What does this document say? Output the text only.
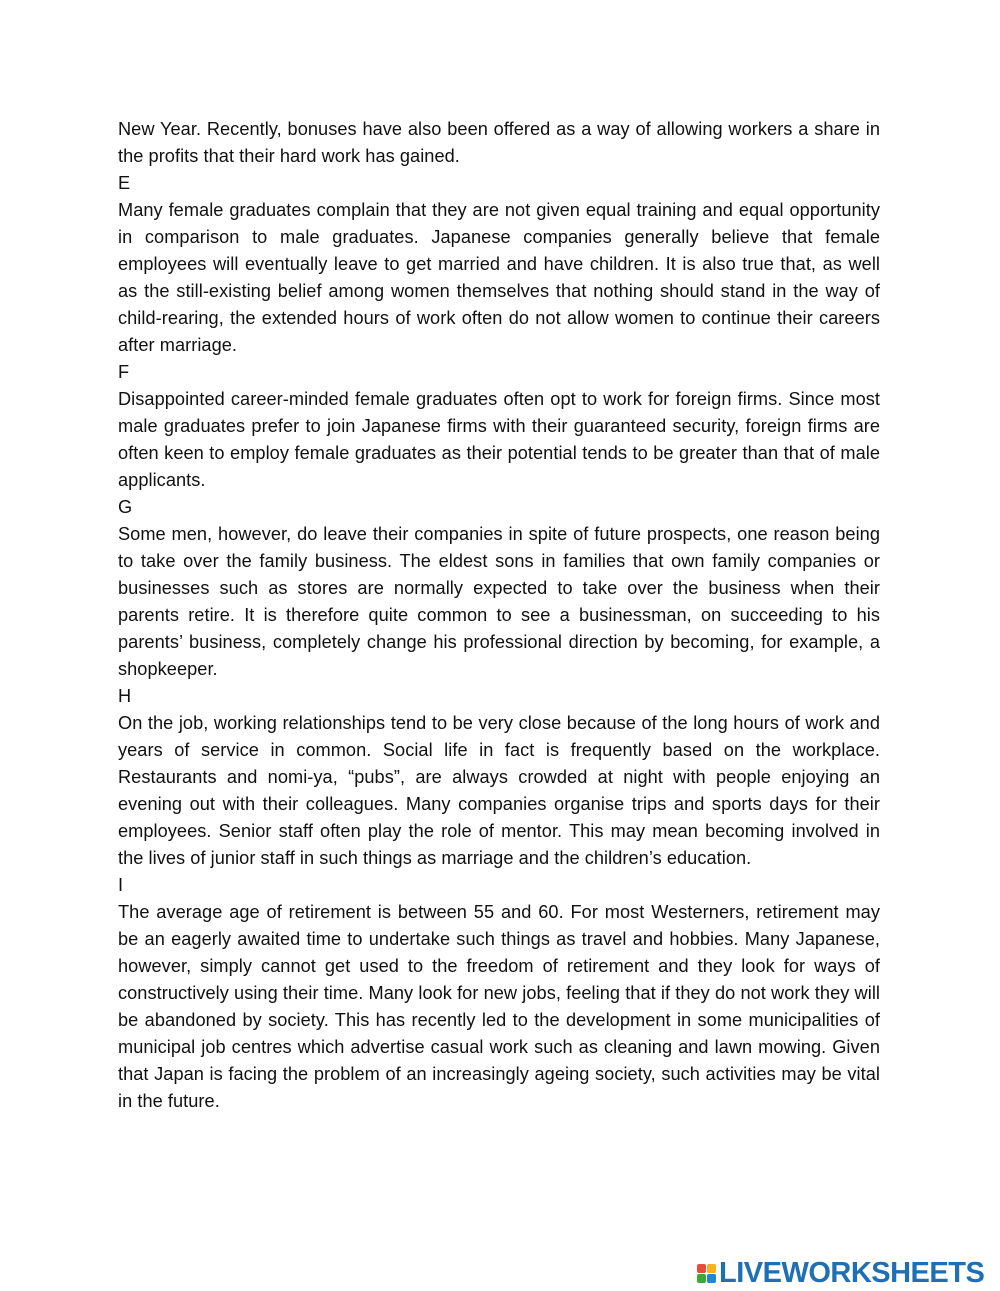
New Year. Recently, bonuses have also been offered as a way of allowing workers a share in the profits that their hard work has gained.

E

Many female graduates complain that they are not given equal training and equal opportunity in comparison to male graduates. Japanese companies generally believe that female employees will eventually leave to get married and have children. It is also true that, as well as the still-existing belief among women themselves that nothing should stand in the way of child-rearing, the extended hours of work often do not allow women to continue their careers after marriage.

F

Disappointed career-minded female graduates often opt to work for foreign firms. Since most male graduates prefer to join Japanese firms with their guaranteed security, foreign firms are often keen to employ female graduates as their potential tends to be greater than that of male applicants.

G

Some men, however, do leave their companies in spite of future prospects, one reason being to take over the family business. The eldest sons in families that own family companies or businesses such as stores are normally expected to take over the business when their parents retire. It is therefore quite common to see a businessman, on succeeding to his parents’ business, completely change his professional direction by becoming, for example, a shopkeeper.

H

On the job, working relationships tend to be very close because of the long hours of work and years of service in common. Social life in fact is frequently based on the workplace. Restaurants and nomi-ya, “pubs”, are always crowded at night with people enjoying an evening out with their colleagues. Many companies organise trips and sports days for their employees. Senior staff often play the role of mentor. This may mean becoming involved in the lives of junior staff in such things as marriage and the children’s education.

I

The average age of retirement is between 55 and 60. For most Westerners, retirement may be an eagerly awaited time to undertake such things as travel and hobbies. Many Japanese, however, simply cannot get used to the freedom of retirement and they look for ways of constructively using their time. Many look for new jobs, feeling that if they do not work they will be abandoned by society. This has recently led to the development in some municipalities of municipal job centres which advertise casual work such as cleaning and lawn mowing. Given that Japan is facing the problem of an increasingly ageing society, such activities may be vital in the future.

LIVEWORKSHEETS
